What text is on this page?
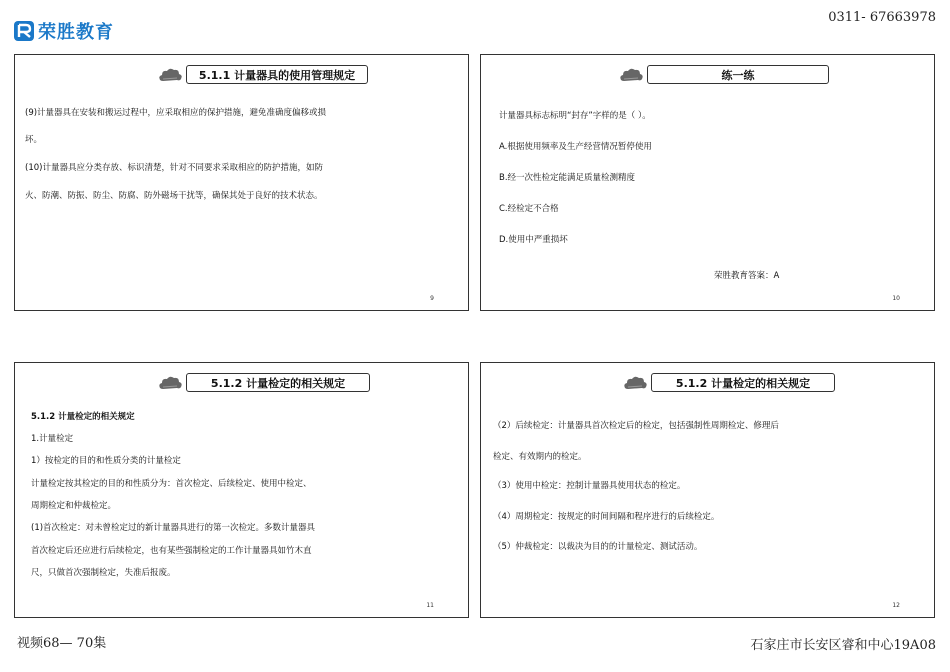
荣胜教育
0311- 67663978
5.1.1 计量器具的使用管理规定
(9)计量器具在安装和搬运过程中，应采取相应的保护措施，避免准确度偏移或损
坏。
(10)计量器具应分类存放、标识清楚，针对不同要求采取相应的防护措施，如防
火、防潮、防振、防尘、防腐、防外磁场干扰等，确保其处于良好的技术状态。
9
练一练
计量器具标志标明“封存”字样的是（ ）。
A.根据使用频率及生产经营情况暂停使用
B.经一次性检定能满足质量检测精度
C.经检定不合格
D.使用中严重损坏
荣胜教育答案：A
10
5.1.2 计量检定的相关规定
5.1.2 计量检定的相关规定
1.计量检定
1）按检定的目的和性质分类的计量检定
计量检定按其检定的目的和性质分为：首次检定、后续检定、使用中检定、
周期检定和仲裁检定。
(1)首次检定：对未曾检定过的新计量器具进行的第一次检定。多数计量器具
首次检定后还应进行后续检定，也有某些强制检定的工作计量器具如竹木直
尺，只做首次强制检定，失准后报废。
11
5.1.2 计量检定的相关规定
（2）后续检定：计量器具首次检定后的检定，包括强制性周期检定、修理后
检定、有效期内的检定。
（3）使用中检定：控制计量器具使用状态的检定。
（4）周期检定：按规定的时间间隔和程序进行的后续检定。
（5）仲裁检定：以裁决为目的的计量检定、测试活动。
12
视频68— 70集	石家庄市长安区睿和中心19A08
